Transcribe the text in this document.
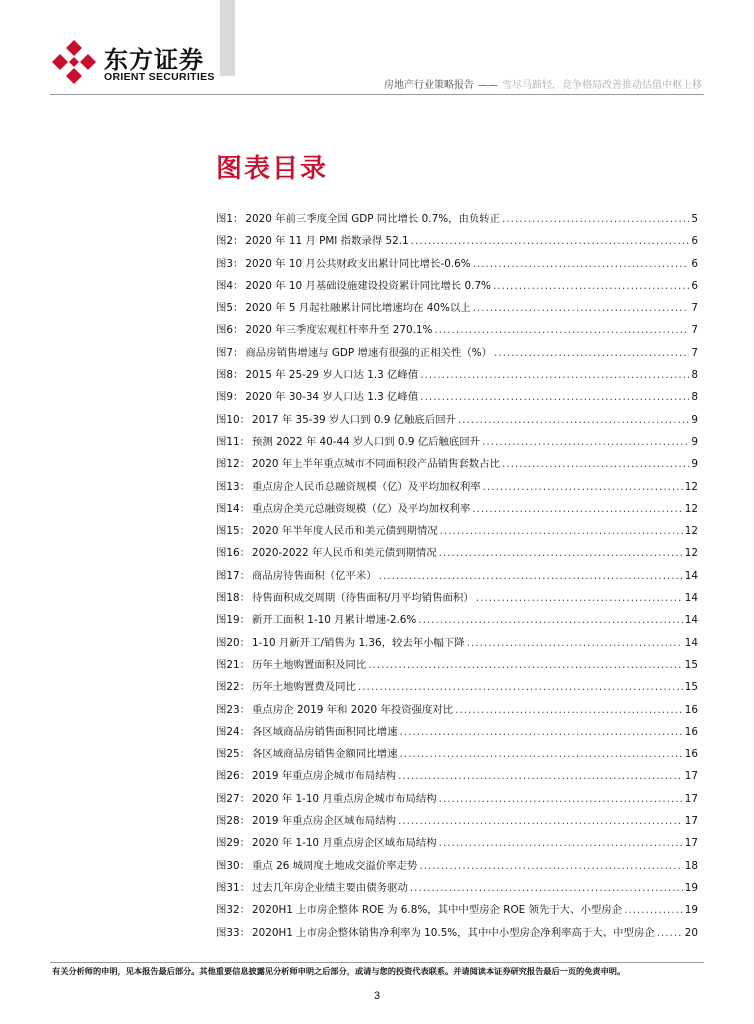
东方证券
ORIENT SECURITIES
房地产行业策略报告 —— 雪尽马蹄轻，竞争格局改善推动估值中枢上移
图表目录
图1： 2020 年前三季度全国 GDP 同比增长 0.7%，由负转正 .....	5
图2： 2020 年 11 月 PMI 指数录得 52.1 .....	6
图3： 2020 年 10 月公共财政支出累计同比增长-0.6% .....	6
图4： 2020 年 10 月基础设施建设投资累计同比增长 0.7% .....	6
图5： 2020 年 5 月起社融累计同比增速均在 40%以上 .....	7
图6： 2020 年三季度宏观杠杆率升至 270.1% .....	7
图7： 商品房销售增速与 GDP 增速有很强的正相关性（%） .....	7
图8： 2015 年 25-29 岁人口达 1.3 亿峰值 .....	8
图9： 2020 年 30-34 岁人口达 1.3 亿峰值 .....	8
图10： 2017 年 35-39 岁人口到 0.9 亿触底后回升 .....	9
图11： 预测 2022 年 40-44 岁人口到 0.9 亿后触底回升 .....	9
图12： 2020 年上半年重点城市不同面积段产品销售套数占比 .....	9
图13： 重点房企人民币总融资规模（亿）及平均加权利率 .....	12
图14： 重点房企美元总融资规模（亿）及平均加权利率 .....	12
图15： 2020 年半年度人民币和美元债到期情况 .....	12
图16： 2020-2022 年人民币和美元债到期情况 .....	12
图17： 商品房待售面积（亿平米） .....	14
图18： 待售面积成交周期（待售面积/月平均销售面积） .....	14
图19： 新开工面积 1-10 月累计增速-2.6% .....	14
图20： 1-10 月新开工/销售为 1.36，较去年小幅下降 .....	14
图21： 历年土地购置面积及同比 .....	15
图22： 历年土地购置费及同比 .....	15
图23： 重点房企 2019 年和 2020 年投资强度对比 .....	16
图24： 各区域商品房销售面积同比增速 .....	16
图25： 各区域商品房销售金额同比增速 .....	16
图26： 2019 年重点房企城市布局结构 .....	17
图27： 2020 年 1-10 月重点房企城市布局结构 .....	17
图28： 2019 年重点房企区域布局结构 .....	17
图29： 2020 年 1-10 月重点房企区域布局结构 .....	17
图30： 重点 26 城周度土地成交溢价率走势 .....	18
图31： 过去几年房企业绩主要由债务驱动 .....	19
图32： 2020H1 上市房企整体 ROE 为 6.8%，其中中型房企 ROE 领先于大、小型房企 .....	19
图33： 2020H1 上市房企整体销售净利率为 10.5%，其中中小型房企净利率高于大、中型房企 .....	20
有关分析师的申明，见本报告最后部分。其他重要信息披露见分析师申明之后部分，或请与您的投资代表联系。并请阅读本证券研究报告最后一页的免责申明。
3
